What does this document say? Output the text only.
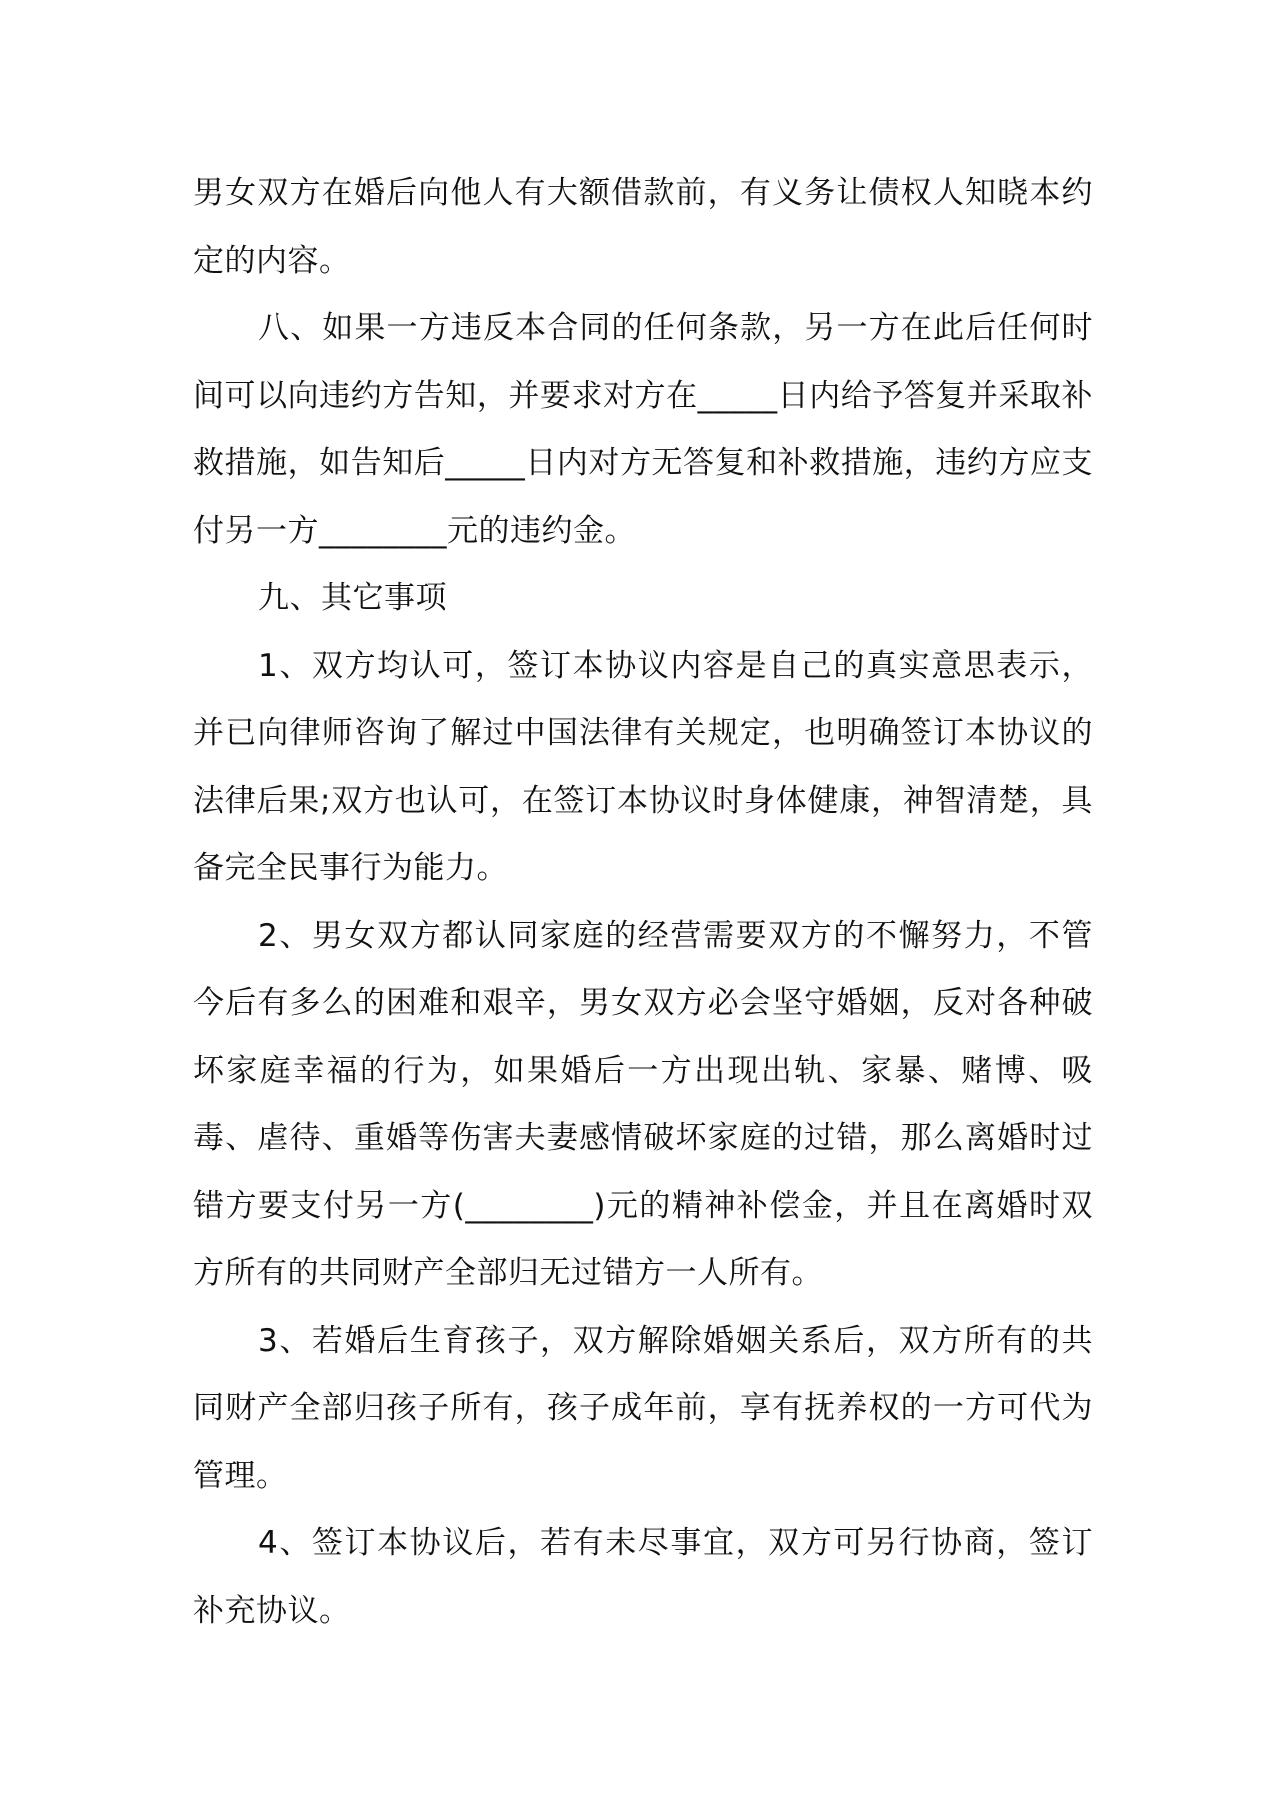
男女双方在婚后向他人有大额借款前，有义务让债权人知晓本约定的内容。

八、如果一方违反本合同的任何条款，另一方在此后任何时间可以向违约方告知，并要求对方在_____日内给予答复并采取补救措施，如告知后_____日内对方无答复和补救措施，违约方应支付另一方________元的违约金。

九、其它事项

1、双方均认可，签订本协议内容是自己的真实意思表示，并已向律师咨询了解过中国法律有关规定，也明确签订本协议的法律后果;双方也认可，在签订本协议时身体健康，神智清楚，具备完全民事行为能力。

2、男女双方都认同家庭的经营需要双方的不懈努力，不管今后有多么的困难和艰辛，男女双方必会坚守婚姻，反对各种破坏家庭幸福的行为，如果婚后一方出现出轨、家暴、赌博、吸毒、虐待、重婚等伤害夫妻感情破坏家庭的过错，那么离婚时过错方要支付另一方(________)元的精神补偿金，并且在离婚时双方所有的共同财产全部归无过错方一人所有。

3、若婚后生育孩子，双方解除婚姻关系后，双方所有的共同财产全部归孩子所有，孩子成年前，享有抚养权的一方可代为管理。

4、签订本协议后，若有未尽事宜，双方可另行协商，签订补充协议。
